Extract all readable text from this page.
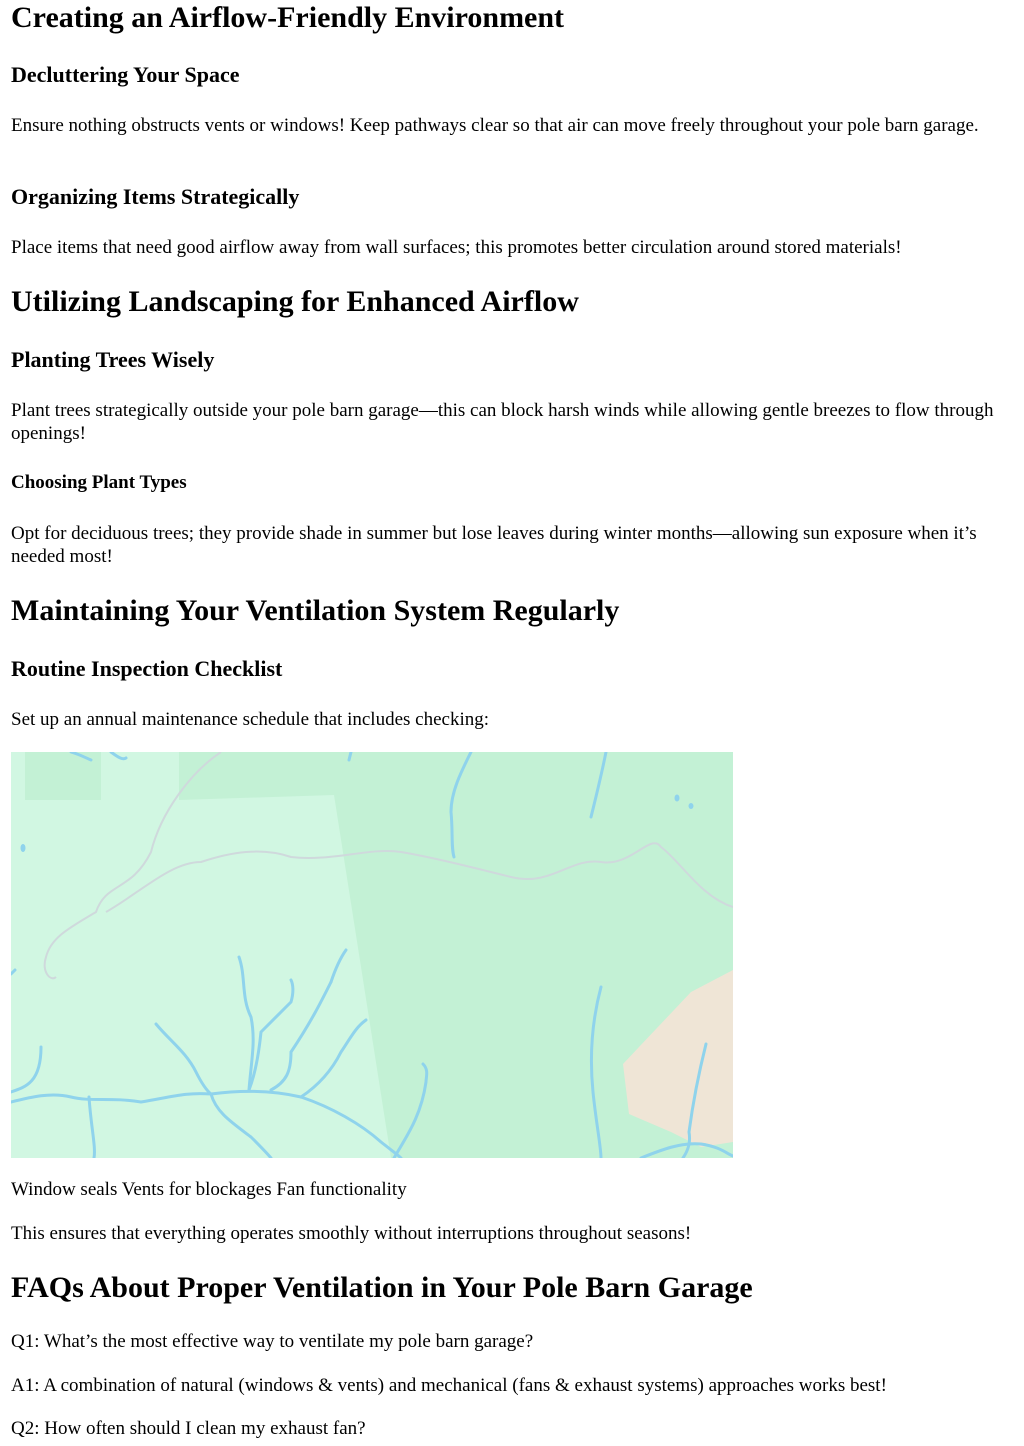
Creating an Airflow-Friendly Environment
Decluttering Your Space

Ensure nothing obstructs vents or windows! Keep pathways clear so that air can move freely throughout your pole barn garage.

Organizing Items Strategically

Place items that need good airflow away from wall surfaces; this promotes better circulation around stored materials!

Utilizing Landscaping for Enhanced Airflow
Planting Trees Wisely

Plant trees strategically outside your pole barn garage—this can block harsh winds while allowing gentle breezes to flow through openings!

Choosing Plant Types

Opt for deciduous trees; they provide shade in summer but lose leaves during winter months—allowing sun exposure when it’s needed most!

Maintaining Your Ventilation System Regularly
Routine Inspection Checklist

Set up an annual maintenance schedule that includes checking:

Window seals Vents for blockages Fan functionality

This ensures that everything operates smoothly without interruptions throughout seasons!

FAQs About Proper Ventilation in Your Pole Barn Garage

Q1: What’s the most effective way to ventilate my pole barn garage?

A1: A combination of natural (windows & vents) and mechanical (fans & exhaust systems) approaches works best!

Q2: How often should I clean my exhaust fan?
